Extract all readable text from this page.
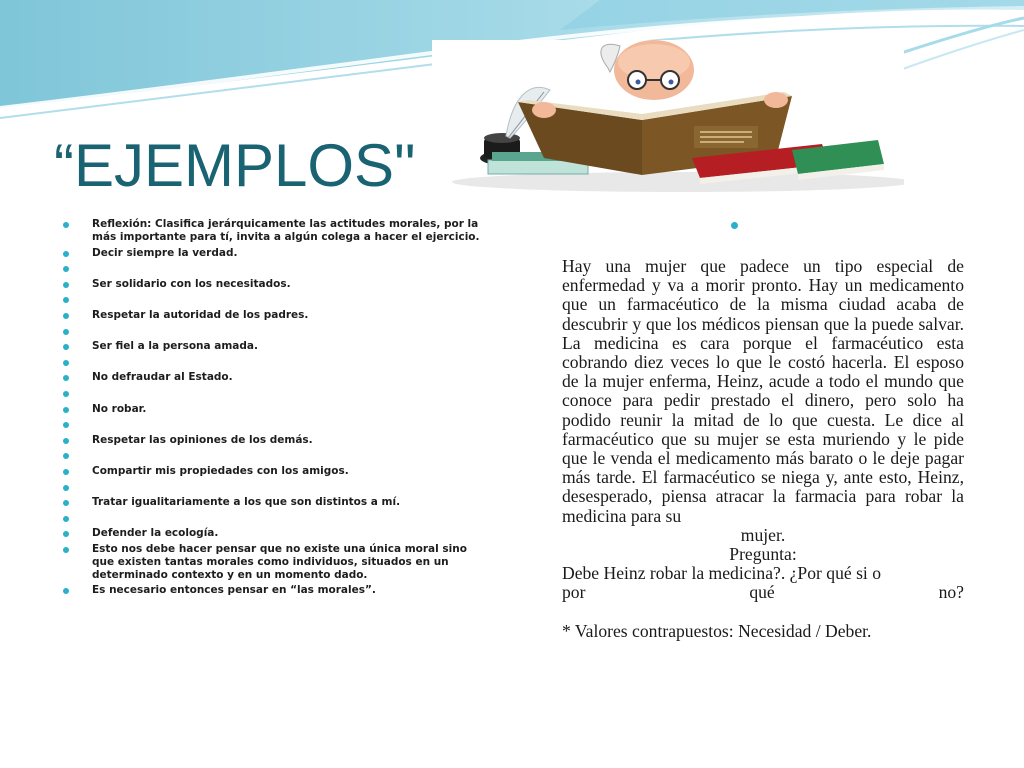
“EJEMPLOS"
Reflexión: Clasifica jerárquicamente las actitudes morales, por la más importante para tí, invita a algún colega a hacer el ejercicio.
Decir siempre la verdad.
Ser solidario con los necesitados.
Respetar la autoridad de los padres.
Ser fiel a la persona amada.
No defraudar al Estado.
No robar.
Respetar las opiniones de los demás.
Compartir mis propiedades con los amigos.
Tratar igualitariamente a los que son distintos a mí.
Defender la ecología.
Esto nos debe hacer pensar que no existe una única moral sino que existen tantas morales como individuos, situados en un determinado contexto y en un momento dado.
Es necesario entonces pensar en “las morales”.

Hay una mujer que padece un tipo especial de enfermedad y va a morir pronto. Hay un medicamento que un farmacéutico de la misma ciudad acaba de descubrir y que los médicos piensan que la puede salvar. La medicina es cara porque el farmacéutico esta cobrando diez veces lo que le costó hacerla. El esposo de la mujer enferma, Heinz, acude a todo el mundo que conoce para pedir prestado el dinero, pero solo ha podido reunir la mitad de lo que cuesta. Le dice al farmacéutico que su mujer se esta muriendo y le pide que le venda el medicamento más barato o le deje pagar más tarde. El farmacéutico se niega y, ante esto, Heinz, desesperado, piensa atracar la farmacia para robar la medicina para su

mujer.

Pregunta:

Debe Heinz robar la medicina?. ¿Por qué si o

por qué no?

* Valores contrapuestos: Necesidad / Deber.
